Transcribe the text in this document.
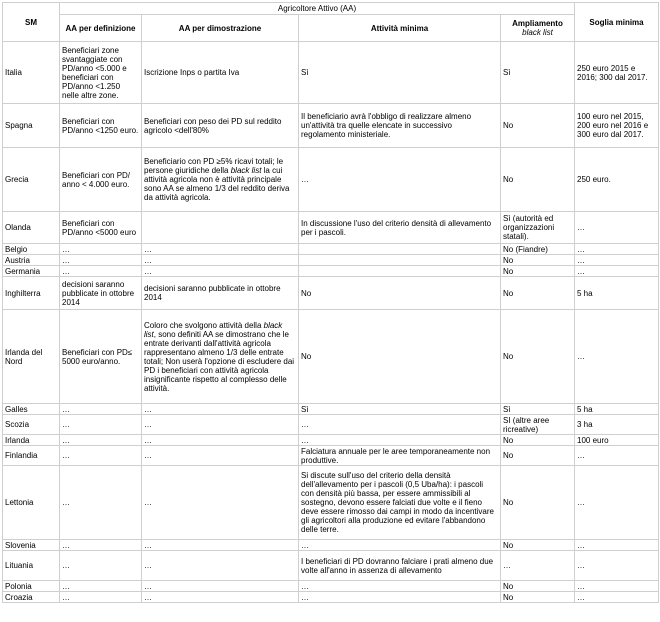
SM	Agricoltore Attivo (AA)				Soglia minima
	AA per definizione	AA per dimostrazione	Attività minima	Ampliamento
black list	
Italia	Beneficiari zone svantaggiate con PD/anno <5.000 e beneficiari con PD/anno <1.250 nelle altre zone.	Iscrizione Inps o partita Iva	Sì	Sì	250 euro 2015 e 2016; 300 dal 2017.
Spagna	Beneficiari con PD/anno <1250 euro.	Beneficiari con peso dei PD sul reddito agricolo <dell'80%	Il beneficiario avrà l'obbligo di realizzare almeno un'attività tra quelle elencate in successivo regolamento ministeriale.	No	100 euro nel 2015, 200 euro nel 2016 e 300 euro dal 2017.
Grecia	Beneficiari con PD/ anno < 4.000 euro.	Beneficiario con PD ≥5% ricavi totali; le persone giuridiche della black list la cui attività agricola non è attività principale sono AA se almeno 1/3 del reddito deriva da attività agricola.	…	No	250 euro.
Olanda	Beneficiari con PD/anno <5000 euro		In discussione l'uso del criterio densità di allevamento per i pascoli.	Sì (autorità ed organizzazioni statali).	…
Belgio	…	…		No (Fiandre)	…
Austria	…	…		No	…
Germania	…	…		No	…
Inghilterra	decisioni saranno pubblicate in ottobre 2014	decisioni saranno pubblicate in ottobre 2014	No	No	5 ha
Irlanda del Nord	Beneficiari con PD≤ 5000 euro/anno.	Coloro che svolgono attività della black list, sono definiti AA se dimostrano che le entrate derivanti dall'attività agricola rappresentano almeno 1/3 delle entrate totali; Non userà l'opzione di escludere dai PD i beneficiari con attività agricola insignificante rispetto al complesso delle attività.	No	No	…
Galles	…	…	Sì	Sì	5 ha
Scozia	…	…	…	SI (altre aree ricreative)	3 ha
Irlanda	…	…	…	No	100 euro
Finlandia	…	…	Falciatura annuale per le aree temporaneamente non produttive.	No	…
Lettonia	…	…	Si discute sull'uso del criterio della densità dell'allevamento per i pascoli (0,5 Uba/ha): i pascoli con densità più bassa, per essere ammissibili al sostegno, devono essere falciati due volte e il fieno deve essere rimosso dai campi in modo da incentivare gli agricoltori alla produzione ed evitare l'abbandono delle terre.	No	…
Slovenia	…	…	…	No	…
Lituania	…	…	I beneficiari di PD dovranno falciare i prati almeno due volte all'anno in assenza di allevamento	…	…
Polonia	…	…	…	No	…
Croazia	…	…	…	No	…
